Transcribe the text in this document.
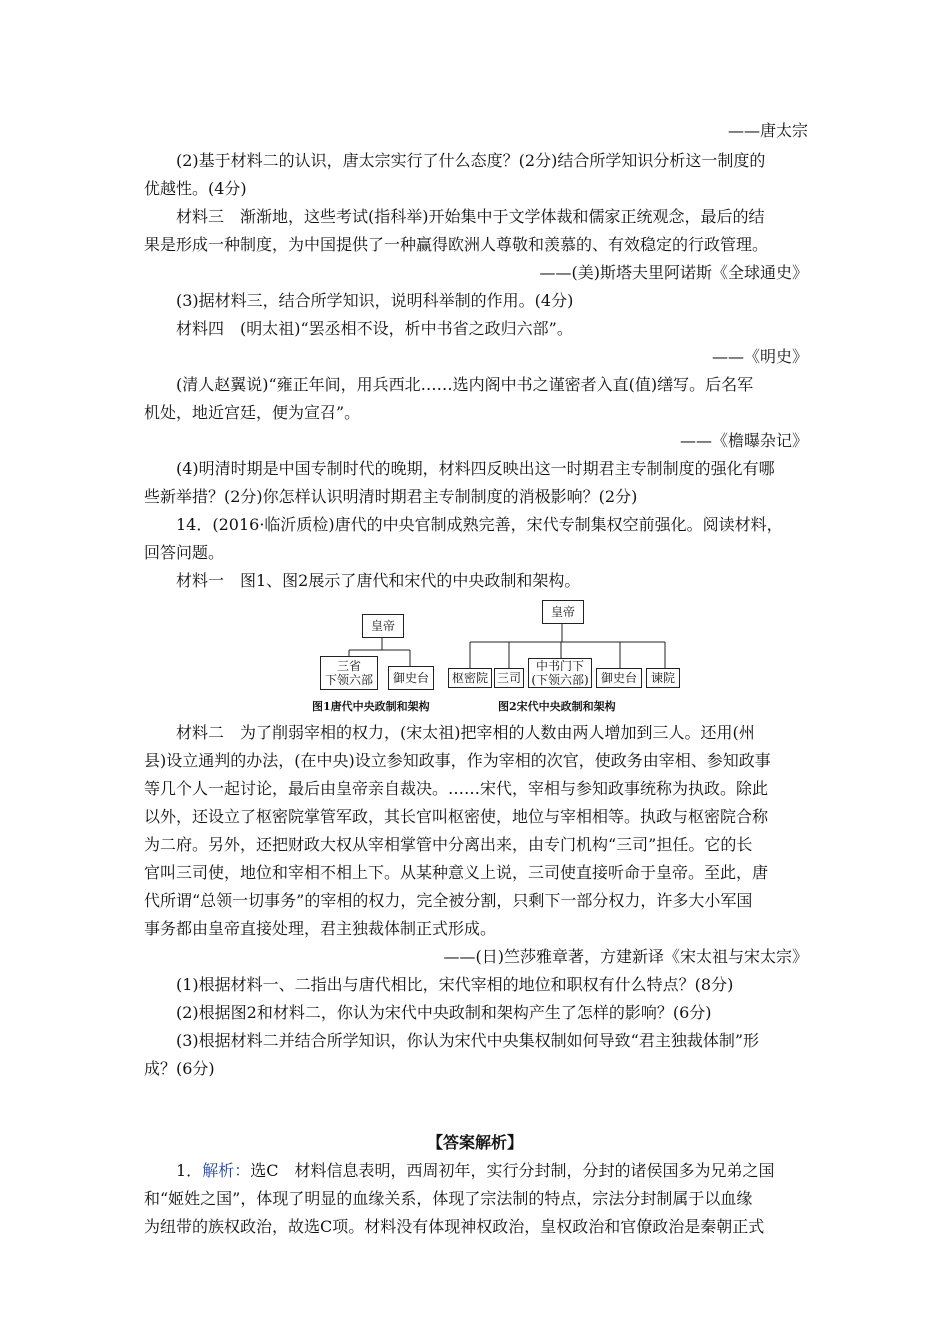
——唐太宗
(2)基于材料二的认识，唐太宗实行了什么态度？(2分)结合所学知识分析这一制度的
优越性。(4分)
材料三　渐渐地，这些考试(指科举)开始集中于文学体裁和儒家正统观念，最后的结
果是形成一种制度，为中国提供了一种赢得欧洲人尊敬和羡慕的、有效稳定的行政管理。
——(美)斯塔夫里阿诺斯《全球通史》
(3)据材料三，结合所学知识，说明科举制的作用。(4分)
材料四　(明太祖)“罢丞相不设，析中书省之政归六部”。
——《明史》
(清人赵翼说)“雍正年间，用兵西北……选内阁中书之谨密者入直(值)缮写。后名军
机处，地近宫廷，便为宣召”。
——《檐曝杂记》
(4)明清时期是中国专制时代的晚期，材料四反映出这一时期君主专制制度的强化有哪
些新举措？(2分)你怎样认识明清时期君主专制制度的消极影响？(2分)
14．(2016·临沂质检)唐代的中央官制成熟完善，宋代专制集权空前强化。阅读材料，
回答问题。
材料一　图1、图2展示了唐代和宋代的中央政制和架构。
皇帝
三省
下领六部	御史台
图1唐代中央政制和架构
皇帝
枢密院 三司
中书门下
(下领六部)	御史台	谏院
图2宋代中央政制和架构
材料二　为了削弱宰相的权力，(宋太祖)把宰相的人数由两人增加到三人。还用(州
县)设立通判的办法，(在中央)设立参知政事，作为宰相的次官，使政务由宰相、参知政事
等几个人一起讨论，最后由皇帝亲自裁决。……宋代，宰相与参知政事统称为执政。除此
以外，还设立了枢密院掌管军政，其长官叫枢密使，地位与宰相相等。执政与枢密院合称
为二府。另外，还把财政大权从宰相掌管中分离出来，由专门机构“三司”担任。它的长
官叫三司使，地位和宰相不相上下。从某种意义上说，三司使直接听命于皇帝。至此，唐
代所谓“总领一切事务”的宰相的权力，完全被分割，只剩下一部分权力，许多大小军国
事务都由皇帝直接处理，君主独裁体制正式形成。
——(日)竺莎雅章著，方建新译《宋太祖与宋太宗》
(1)根据材料一、二指出与唐代相比，宋代宰相的地位和职权有什么特点？(8分)
(2)根据图2和材料二，你认为宋代中央政制和架构产生了怎样的影响？(6分)
(3)根据材料二并结合所学知识，你认为宋代中央集权制如何导致“君主独裁体制”形
成？(6分)
【答案解析】
1．解析：选C　材料信息表明，西周初年，实行分封制，分封的诸侯国多为兄弟之国
和“姬姓之国”，体现了明显的血缘关系，体现了宗法制的特点，宗法分封制属于以血缘
为纽带的族权政治，故选C项。材料没有体现神权政治，皇权政治和官僚政治是秦朝正式
